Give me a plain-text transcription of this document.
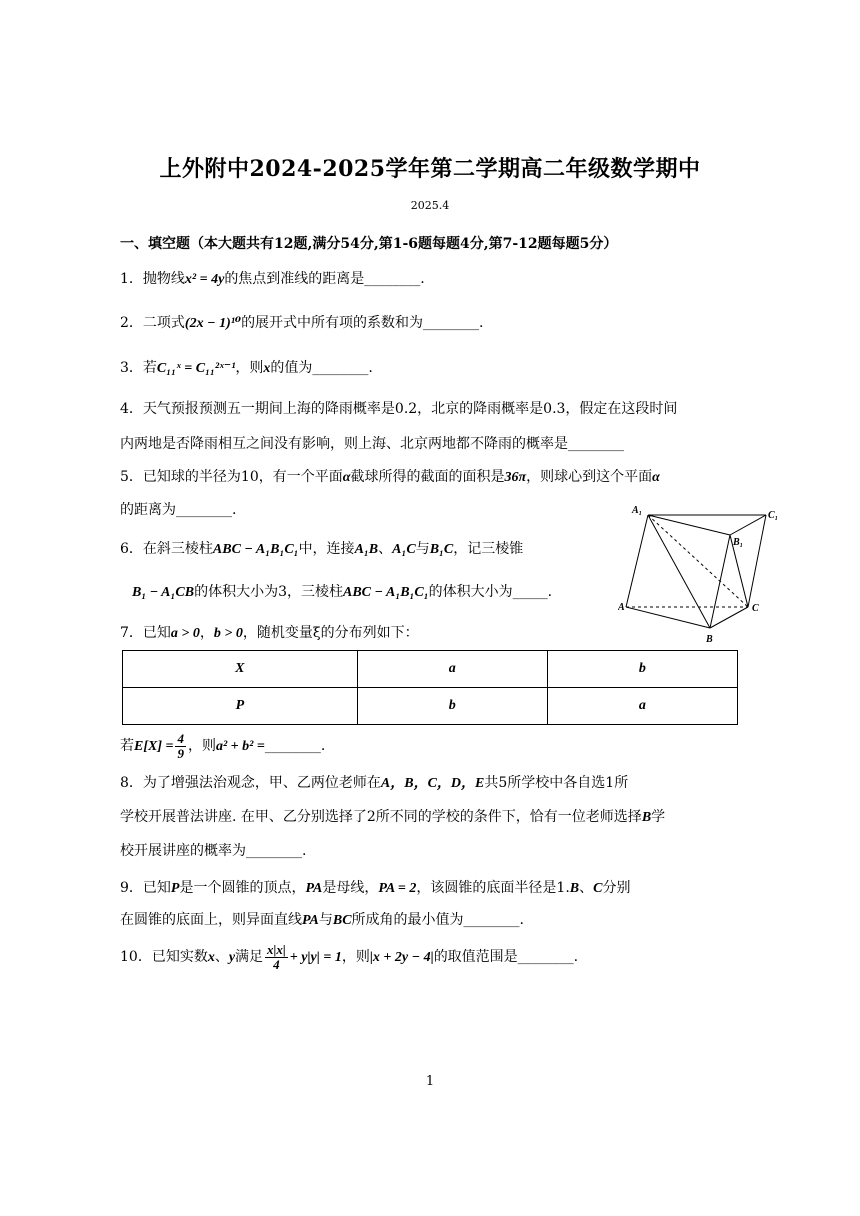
上外附中2024-2025学年第二学期高二年级数学期中
2025.4
一、填空题（本大题共有12题,满分54分,第1-6题每题4分,第7-12题每题5分）
1．抛物线x² = 4y的焦点到准线的距离是________.
2．二项式(2x − 1)¹⁰的展开式中所有项的系数和为________.
3．若C₁₁ˣ = C₁₁²ˣ⁻¹，则x的值为________.
4．天气预报预测五一期间上海的降雨概率是0.2，北京的降雨概率是0.3，假定在这段时间
内两地是否降雨相互之间没有影响，则上海、北京两地都不降雨的概率是________
5．已知球的半径为10，有一个平面α截球所得的截面的面积是36π，则球心到这个平面α
的距离为________.
6．在斜三棱柱ABC − A₁B₁C₁中，连接A₁B、A₁C与B₁C，记三棱锥
B₁ − A₁CB的体积大小为3，三棱柱ABC − A₁B₁C₁的体积大小为_____.
A₁	C₁
B₁
A
B
C
7．已知a > 0，b > 0，随机变量ξ的分布列如下：
X	a	b
P	b	a
若$E[X] = \frac{4}{9}$ ，则a² + b² =________.
8．为了增强法治观念，甲、乙两位老师在A，B，C，D，E共5所学校中各自选1所
学校开展普法讲座. 在甲、乙分别选择了2所不同的学校的条件下，恰有一位老师选择B学
校开展讲座的概率为________.
9．已知P是一个圆锥的顶点，PA是母线，PA = 2，该圆锥的底面半径是1.B、C分别
在圆锥的底面上，则异面直线PA与BC所成角的最小值为________.
10．已知实数x、y满足 $\frac{x|x|}{4} + y|y| = 1$，则|x + 2y − 4|的取值范围是________.
1
